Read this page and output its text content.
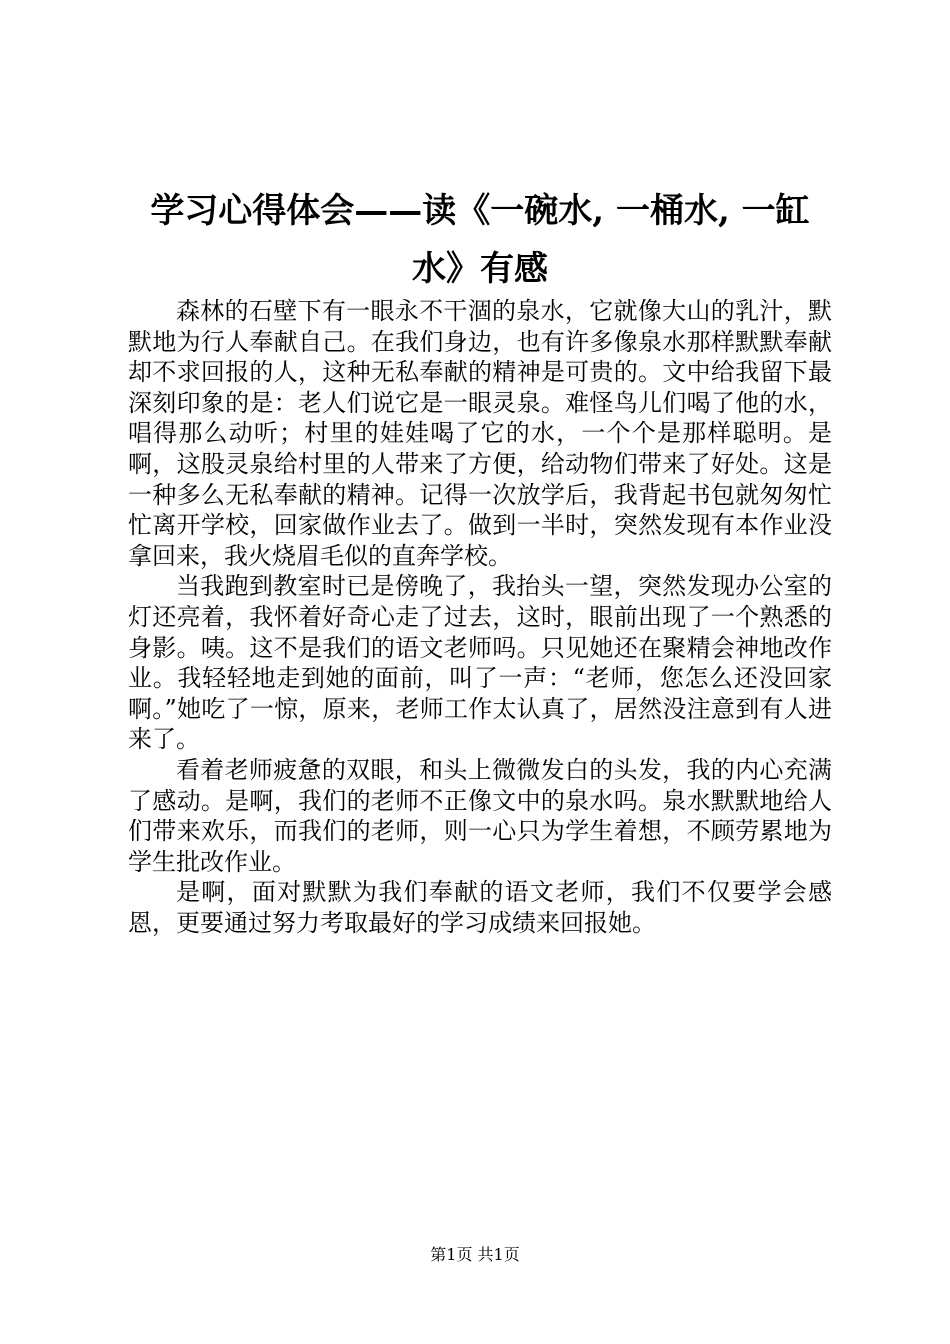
学习心得体会——读《一碗水, 一桶水, 一缸水》有感

森林的石壁下有一眼永不干涸的泉水，它就像大山的乳汁，默默地为行人奉献自己。在我们身边，也有许多像泉水那样默默奉献却不求回报的人，这种无私奉献的精神是可贵的。文中给我留下最深刻印象的是：老人们说它是一眼灵泉。难怪鸟儿们喝了他的水，唱得那么动听；村里的娃娃喝了它的水，一个个是那样聪明。是啊，这股灵泉给村里的人带来了方便，给动物们带来了好处。这是一种多么无私奉献的精神。记得一次放学后，我背起书包就匆匆忙忙离开学校，回家做作业去了。做到一半时，突然发现有本作业没拿回来，我火烧眉毛似的直奔学校。

当我跑到教室时已是傍晚了，我抬头一望，突然发现办公室的灯还亮着，我怀着好奇心走了过去，这时，眼前出现了一个熟悉的身影。咦。这不是我们的语文老师吗。只见她还在聚精会神地改作业。我轻轻地走到她的面前，叫了一声：“老师，您怎么还没回家啊。”她吃了一惊，原来，老师工作太认真了，居然没注意到有人进来了。

看着老师疲惫的双眼，和头上微微发白的头发，我的内心充满了感动。是啊，我们的老师不正像文中的泉水吗。泉水默默地给人们带来欢乐，而我们的老师，则一心只为学生着想，不顾劳累地为学生批改作业。

是啊，面对默默为我们奉献的语文老师，我们不仅要学会感恩，更要通过努力考取最好的学习成绩来回报她。

第1页 共1页
